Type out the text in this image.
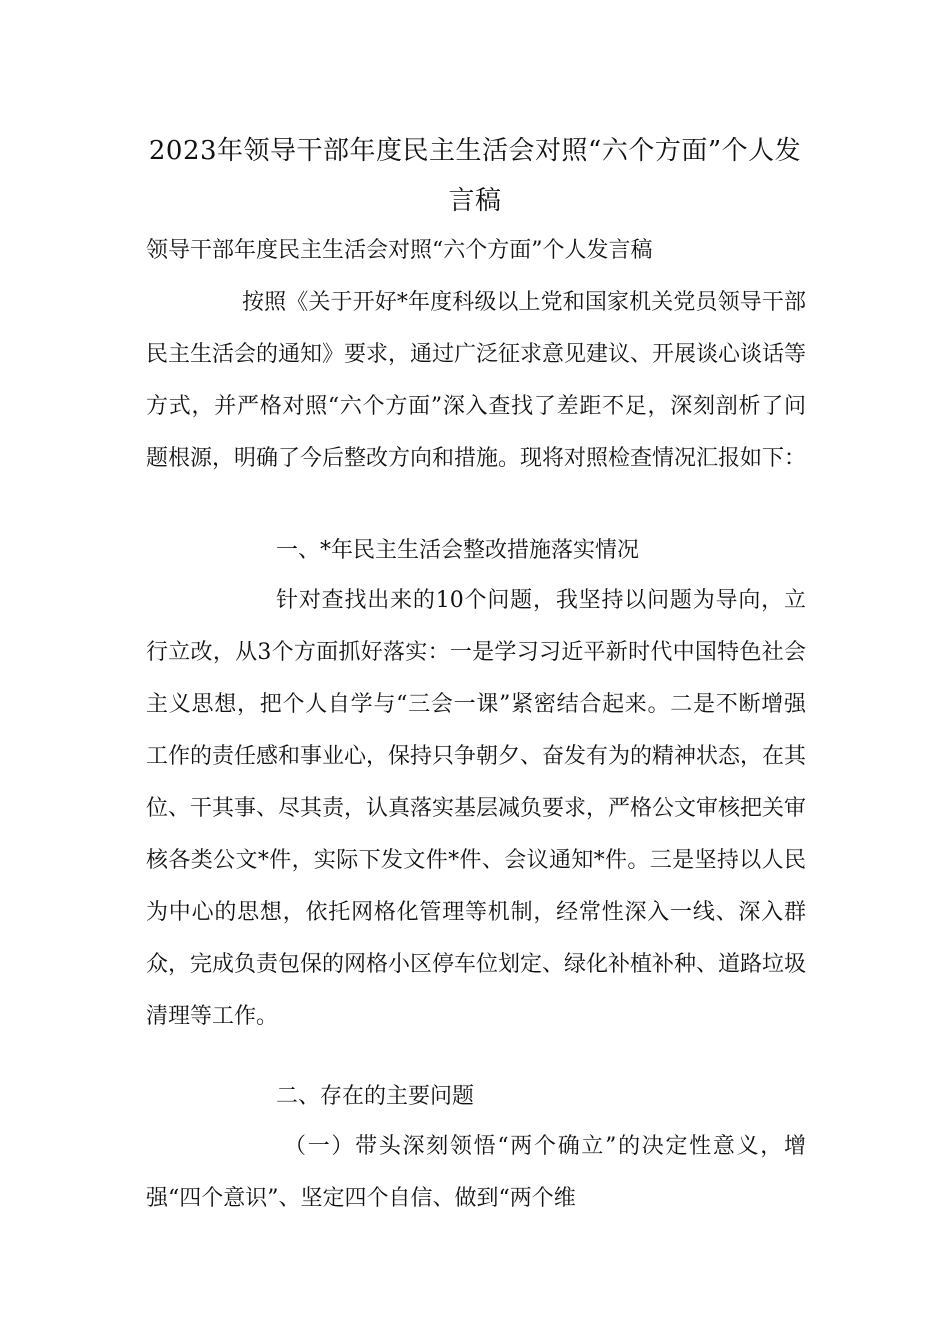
2023年领导干部年度民主生活会对照“六个方面”个人发言稿
领导干部年度民主生活会对照“六个方面”个人发言稿

按照《关于开好*年度科级以上党和国家机关党员领导干部民主生活会的通知》要求，通过广泛征求意见建议、开展谈心谈话等方式，并严格对照“六个方面”深入查找了差距不足，深刻剖析了问题根源，明确了今后整改方向和措施。现将对照检查情况汇报如下：

一、*年民主生活会整改措施落实情况

针对查找出来的10个问题，我坚持以问题为导向，立行立改，从3个方面抓好落实：一是学习习近平新时代中国特色社会主义思想，把个人自学与“三会一课”紧密结合起来。二是不断增强工作的责任感和事业心，保持只争朝夕、奋发有为的精神状态，在其位、干其事、尽其责，认真落实基层减负要求，严格公文审核把关审核各类公文*件，实际下发文件*件、会议通知*件。三是坚持以人民为中心的思想，依托网格化管理等机制，经常性深入一线、深入群众，完成负责包保的网格小区停车位划定、绿化补植补种、道路垃圾清理等工作。

二、存在的主要问题

（一）带头深刻领悟“两个确立”的决定性意义，增强“四个意识”、坚定四个自信、做到“两个维
